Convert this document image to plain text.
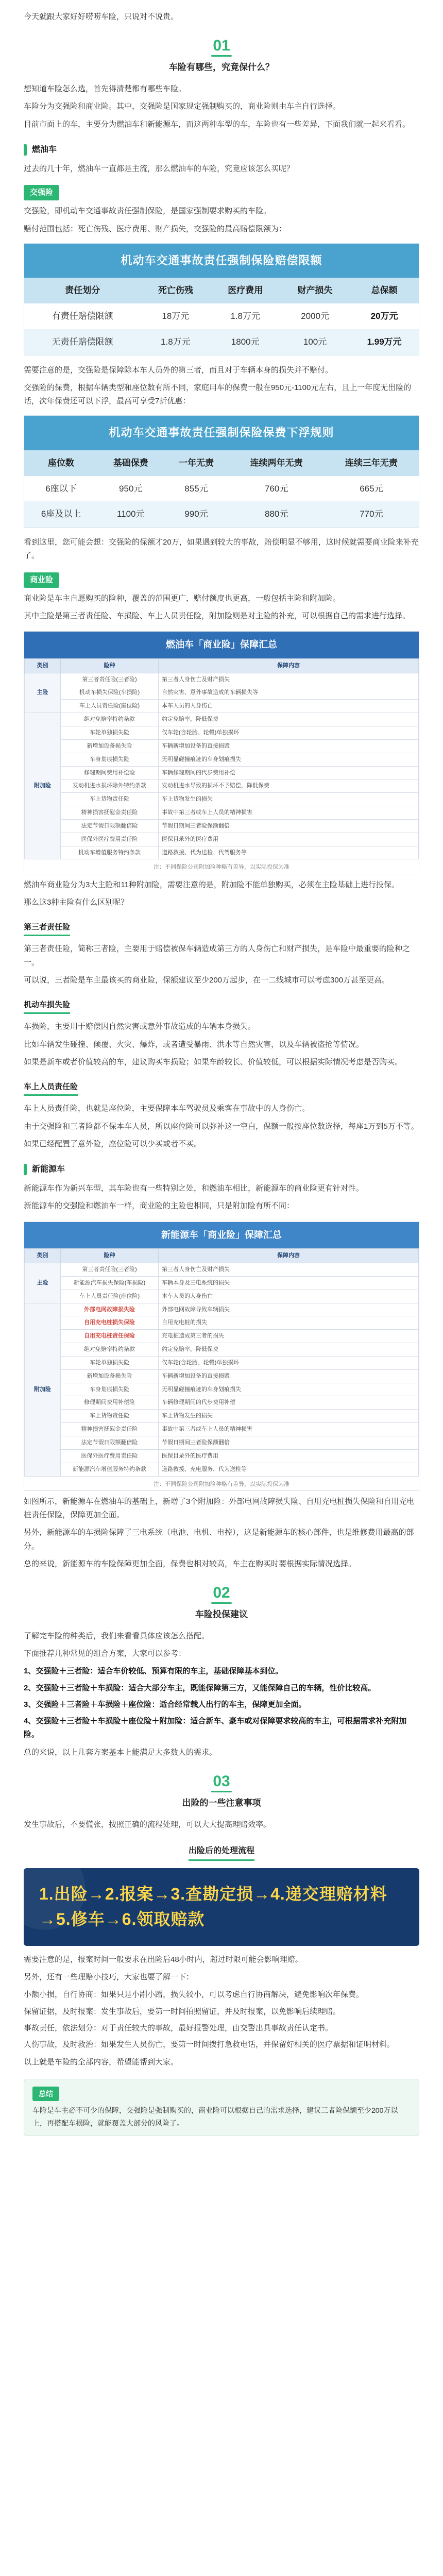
今天就跟大家好好唠唠车险，只说对不说贵。

01
车险有哪些，究竟保什么？

想知道车险怎么选，首先得清楚都有哪些车险。

车险分为交强险和商业险。其中，交强险是国家规定强制购买的，商业险则由车主自行选择。

目前市面上的车，主要分为燃油车和新能源车，而这两种车型的车，车险也有一些差异，下面我们就一起来看看。

燃油车

过去的几十年，燃油车一直都是主流，那么燃油车的车险，究竟应该怎么买呢？

交强险

交强险，即机动车交通事故责任强制保险，是国家强制要求购买的车险。

赔付范围包括：死亡伤残、医疗费用、财产损失，交强险的最高赔偿限额为：

机动车交通事故责任强制保险赔偿限额
责任划分	死亡伤残	医疗费用	财产损失	总保额
有责任赔偿限额	18万元	1.8万元	2000元	20万元
无责任赔偿限额	1.8万元	1800元	100元	1.99万元

需要注意的是，交强险是保障除本车人员外的第三者，而且对于车辆本身的损失并不赔付。

交强险的保费，根据车辆类型和座位数有所不同，家庭用车的保费一般在950元-1100元左右，且上一年度无出险的话，次年保费还可以下浮，最高可享受7折优惠：

机动车交通事故责任强制保险保费下浮规则
座位数	基础保费	一年无责	连续两年无责	连续三年无责
6座以下	950元	855元	760元	665元
6座及以上	1100元	990元	880元	770元

看到这里，您可能会想：交强险的保额才20万，如果遇到较大的事故，赔偿明显不够用，这时候就需要商业险来补充了。

商业险

商业险是车主自愿购买的险种，覆盖的范围更广，赔付额度也更高，一般包括主险和附加险。

其中主险是第三者责任险、车损险、车上人员责任险，附加险则是对主险的补充，可以根据自己的需求进行选择。

燃油车「商业险」保障汇总
类别	险种	保障内容
主险	第三者责任险(三者险)	第三者人身伤亡及财产损失
	机动车损失保险(车损险)	自然灾害、意外事故造成的车辆损失等
	车上人员责任险(座位险)	本车人员的人身伤亡
附加险	绝对免赔率特约条款	约定免赔率，降低保费
	车轮单独损失险	仅车轮(含轮胎、轮毂)单独损坏
	新增加设备损失险	车辆新增加设备的直接损毁
	车身划痕损失险	无明显碰撞痕迹的车身划痕损失
	修理期间费用补偿险	车辆修理期间的代步费用补偿
	发动机进水损坏除外特约条款	发动机进水导致的损坏不予赔偿，降低保费
	车上货物责任险	车上货物发生的损失
	精神损害抚慰金责任险	事故中第三者或车上人员的精神损害
	法定节假日限额翻倍险	节假日期间三者险保额翻倍
	医保外医疗费用责任险	医保目录外的医疗费用
	机动车增值服务特约条款	道路救援、代为送检、代驾服务等
注：不同保险公司附加险种略有差异，以实际投保为准

燃油车商业险分为3大主险和11种附加险，需要注意的是，附加险不能单独购买，必须在主险基础上进行投保。

那么这3种主险有什么区别呢？

第三者责任险

第三者责任险，简称三者险，主要用于赔偿被保车辆造成第三方的人身伤亡和财产损失，是车险中最重要的险种之一。

可以说，三者险是车主最该买的商业险，保额建议至少200万起步，在一二线城市可以考虑300万甚至更高。

机动车损失险

车损险，主要用于赔偿因自然灾害或意外事故造成的车辆本身损失。

比如车辆发生碰撞、倾覆、火灾、爆炸，或者遭受暴雨、洪水等自然灾害，以及车辆被盗抢等情况。

如果是新车或者价值较高的车，建议购买车损险；如果车龄较长、价值较低，可以根据实际情况考虑是否购买。

车上人员责任险

车上人员责任险，也就是座位险，主要保障本车驾驶员及乘客在事故中的人身伤亡。

由于交强险和三者险都不保本车人员，所以座位险可以弥补这一空白，保额一般按座位数选择，每座1万到5万不等。

如果已经配置了意外险，座位险可以少买或者不买。

新能源车

新能源车作为新兴车型，其车险也有一些特别之处，和燃油车相比，新能源车的商业险更有针对性。

新能源车的交强险和燃油车一样，商业险的主险也相同，只是附加险有所不同：

新能源车「商业险」保障汇总
类别	险种	保障内容
主险	第三者责任险(三者险)	第三者人身伤亡及财产损失
	新能源汽车损失保险(车损险)	车辆本身及三电系统的损失
	车上人员责任险(座位险)	本车人员的人身伤亡
附加险	外部电网故障损失险	外部电网故障导致车辆损失
	自用充电桩损失保险	自用充电桩的损失
	自用充电桩责任保险	充电桩造成第三者的损失
	绝对免赔率特约条款	约定免赔率，降低保费
	车轮单独损失险	仅车轮(含轮胎、轮毂)单独损坏
	新增加设备损失险	车辆新增加设备的直接损毁
	车身划痕损失险	无明显碰撞痕迹的车身划痕损失
	修理期间费用补偿险	车辆修理期间的代步费用补偿
	车上货物责任险	车上货物发生的损失
	精神损害抚慰金责任险	事故中第三者或车上人员的精神损害
	法定节假日限额翻倍险	节假日期间三者险保额翻倍
	医保外医疗费用责任险	医保目录外的医疗费用
	新能源汽车增值服务特约条款	道路救援、充电服务、代为送检等
注：不同保险公司附加险种略有差异，以实际投保为准

如图所示，新能源车在燃油车的基础上，新增了3个附加险：外部电网故障损失险、自用充电桩损失保险和自用充电桩责任保险，保障更加全面。

另外，新能源车的车损险保障了三电系统（电池、电机、电控），这是新能源车的核心部件，也是维修费用最高的部分。

总的来说，新能源车的车险保障更加全面，保费也相对较高，车主在购买时要根据实际情况选择。

02
车险投保建议

了解完车险的种类后，我们来看看具体应该怎么搭配。

下面推荐几种常见的组合方案，大家可以参考：

1、交强险＋三者险：适合车价较低、预算有限的车主，基础保障基本到位。

2、交强险＋三者险＋车损险：适合大部分车主，既能保障第三方，又能保障自己的车辆，性价比较高。

3、交强险＋三者险＋车损险＋座位险：适合经常载人出行的车主，保障更加全面。

4、交强险＋三者险＋车损险＋座位险＋附加险：适合新车、豪车或对保障要求较高的车主，可根据需求补充附加险。

总的来说，以上几套方案基本上能满足大多数人的需求。

03
出险的一些注意事项

发生事故后，不要慌张，按照正确的流程处理，可以大大提高理赔效率。

出险后的处理流程
1.出险→2.报案→3.查勘定损→4.递交理赔材料→5.修车→6.领取赔款

需要注意的是，报案时间一般要求在出险后48小时内，超过时限可能会影响理赔。

另外，还有一些理赔小技巧，大家也要了解一下：

小额小损，自行协商：如果只是小剐小蹭，损失较小，可以考虑自行协商解决，避免影响次年保费。

保留证据，及时报案：发生事故后，要第一时间拍照留证，并及时报案，以免影响后续理赔。

事故责任，依法划分：对于责任较大的事故，最好报警处理，由交警出具事故责任认定书。

人伤事故，及时救治：如果发生人员伤亡，要第一时间拨打急救电话，并保留好相关的医疗票据和证明材料。

以上就是车险的全部内容，希望能帮到大家。

总结
车险是车主必不可少的保障，交强险是强制购买的，商业险可以根据自己的需求选择，建议三者险保额至少200万以上，再搭配车损险，就能覆盖大部分的风险了。
